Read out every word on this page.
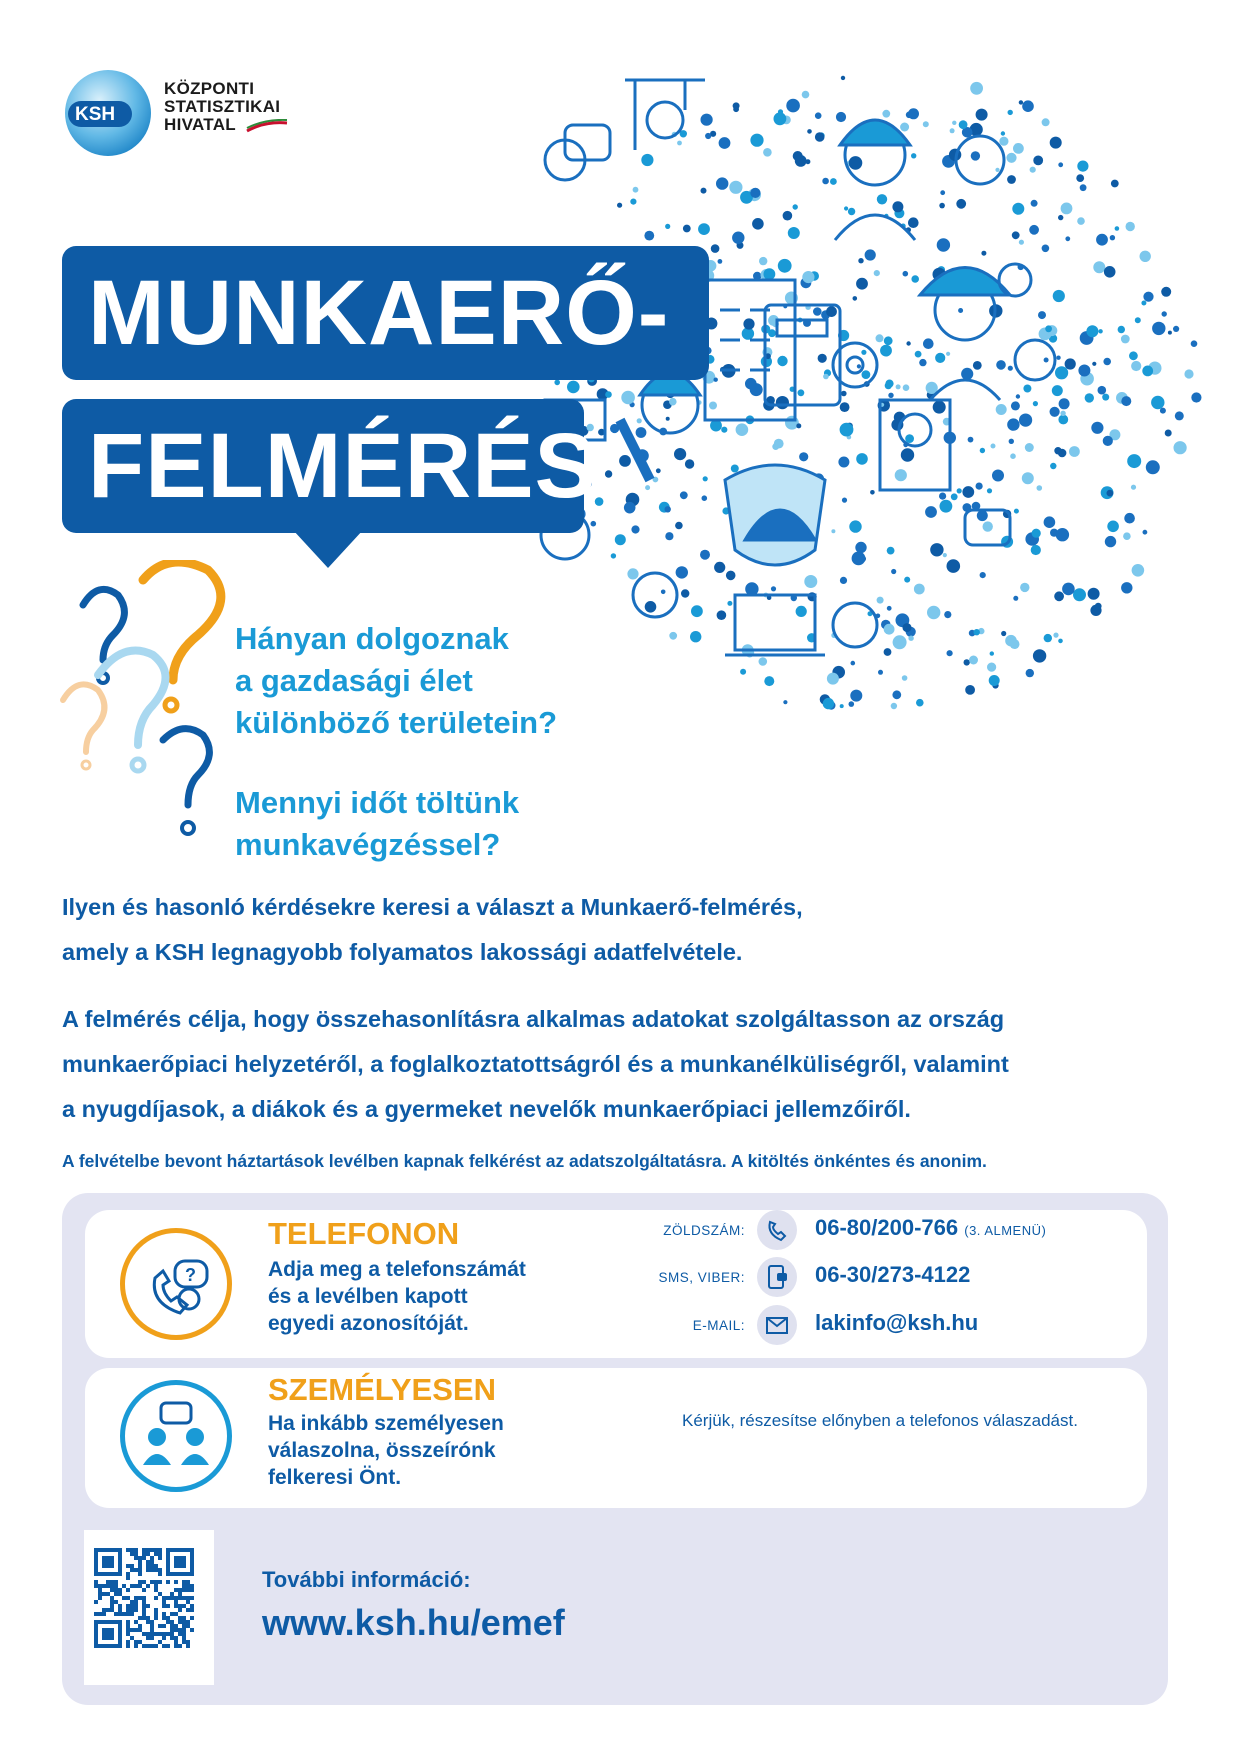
KSH
KÖZPONTI
STATISZTIKAI
HIVATAL
MUNKAERŐ-
FELMÉRÉS
Hányan dolgoznak
a gazdasági élet
különböző területein?
Mennyi időt töltünk
munkavégzéssel?
Ilyen és hasonló kérdésekre keresi a választ a Munkaerő-felmérés,
amely a KSH legnagyobb folyamatos lakossági adatfelvétele.
A felmérés célja, hogy összehasonlításra alkalmas adatokat szolgáltasson az ország
munkaerőpiaci helyzetéről, a foglalkoztatottságról és a munkanélküliségről, valamint
a nyugdíjasok, a diákok és a gyermeket nevelők munkaerőpiaci jellemzőiről.
A felvételbe bevont háztartások levélben kapnak felkérést az adatszolgáltatásra. A kitöltés önkéntes és anonim.
?
TELEFONON
Adja meg a telefonszámát
és a levélben kapott
egyedi azonosítóját.
ZÖLDSZÁM:	06-80/200-766 (3. ALMENÜ)
SMS, VIBER:	06-30/273-4122
E-MAIL:	lakinfo@ksh.hu
SZEMÉLYESEN
Ha inkább személyesen
válaszolna, összeírónk
felkeresi Önt.
Kérjük, részesítse előnyben a telefonos válaszadást.
További információ:
www.ksh.hu/emef
